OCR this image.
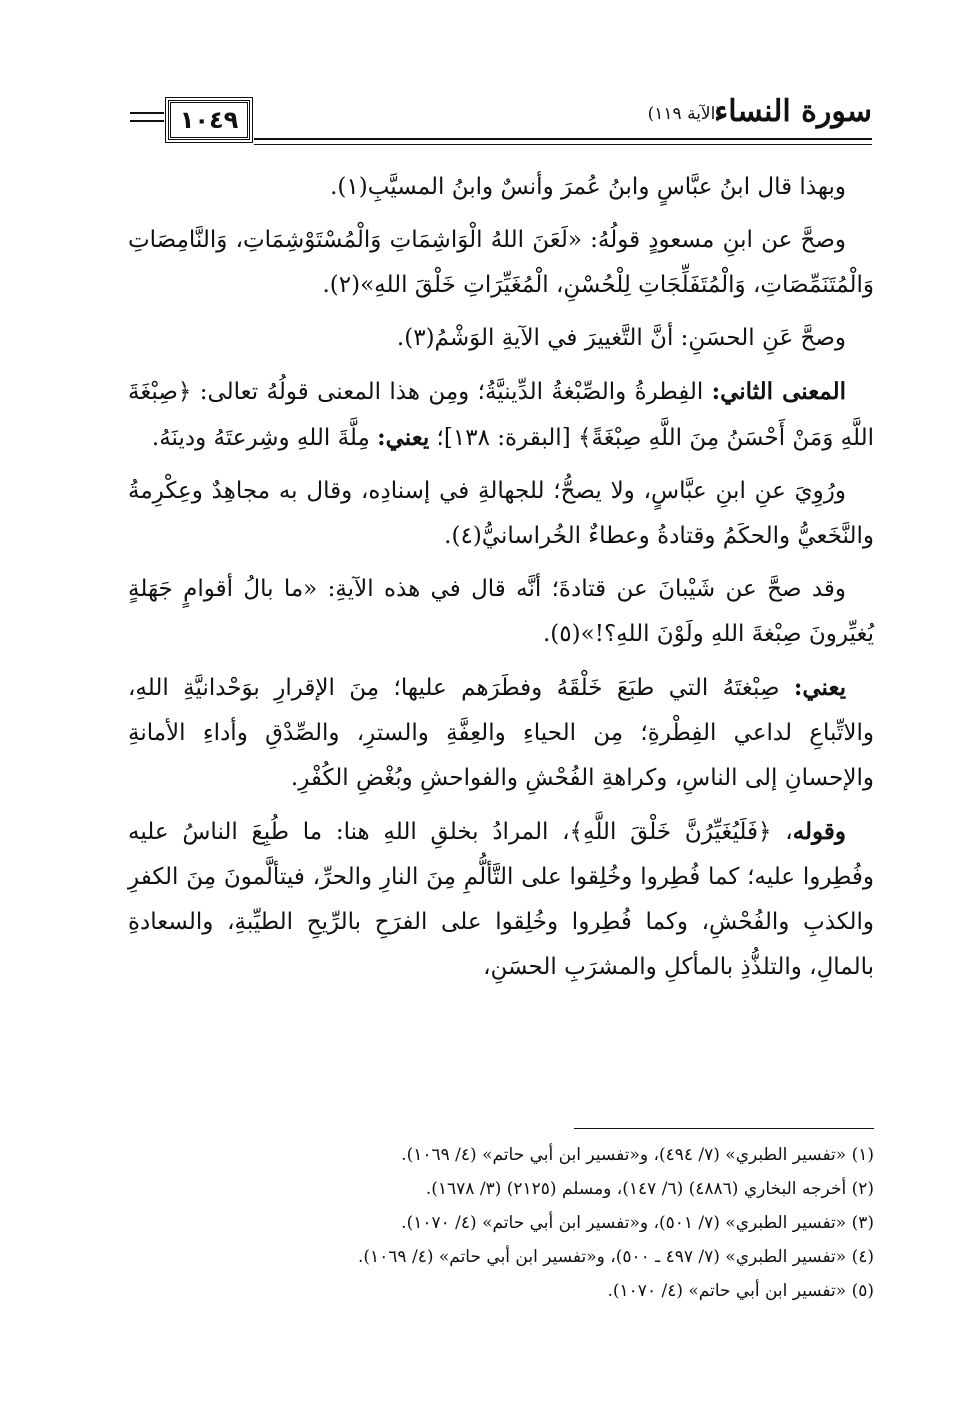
١٠٤٩	(الآية ١١٩)
سورة النساء

وبهذا قال ابنُ عبَّاسٍ وابنُ عُمرَ وأنسٌ وابنُ المسيَّبِ(١).

وصحَّ عن ابنِ مسعودٍ قولُهُ: «لَعَنَ اللهُ الْوَاشِمَاتِ وَالْمُسْتَوْشِمَاتِ، وَالنَّامِصَاتِ وَالْمُتَنَمِّصَاتِ، وَالْمُتَفَلِّجَاتِ لِلْحُسْنِ، الْمُغَيِّرَاتِ خَلْقَ اللهِ»(٢).

وصحَّ عَنِ الحسَنِ: أنَّ التَّغييرَ في الآيةِ الوَشْمُ(٣).

المعنى الثاني: الفِطرةُ والصِّبْغةُ الدِّينيَّةُ؛ ومِن هذا المعنى قولُهُ تعالى: ﴿صِبْغَةَ اللَّهِ وَمَنْ أَحْسَنُ مِنَ اللَّهِ صِبْغَةً﴾ [البقرة: ١٣٨]؛ يعني: مِلَّةَ اللهِ وشِرعتَهُ ودينَهُ.

ورُوِيَ عنِ ابنِ عبَّاسٍ، ولا يصحُّ؛ للجهالةِ في إسنادِه، وقال به مجاهِدٌ وعِكْرِمةُ والنَّخَعيُّ والحكَمُ وقتادةُ وعطاءٌ الخُراسانيُّ(٤).

وقد صحَّ عن شَيْبانَ عن قتادةَ؛ أنَّه قال في هذه الآيةِ: «ما بالُ أقوامٍ جَهَلةٍ يُغيِّرونَ صِبْغةَ اللهِ ولَوْنَ اللهِ؟!»(٥).

يعني: صِبْغتَهُ التي طبَعَ خَلْقَهُ وفطَرَهم عليها؛ مِنَ الإقرارِ بوَحْدانيَّةِ اللهِ، والاتِّباعِ لداعي الفِطْرةِ؛ مِن الحياءِ والعِفَّةِ والسترِ، والصِّدْقِ وأداءِ الأمانةِ والإحسانِ إلى الناسِ، وكراهةِ الفُحْشِ والفواحشِ وبُغْضِ الكُفْرِ.

وقوله، ﴿فَلَيُغَيِّرُنَّ خَلْقَ اللَّهِ﴾، المرادُ بخلقِ اللهِ هنا: ما طُبِعَ الناسُ عليه وفُطِروا عليه؛ كما فُطِروا وخُلِقوا على التَّألُّمِ مِنَ النارِ والحرِّ، فيتألَّمونَ مِنَ الكفرِ والكذبِ والفُحْشِ، وكما فُطِروا وخُلِقوا على الفرَحِ بالرِّيحِ الطيِّبةِ، والسعادةِ بالمالِ، والتلذُّذِ بالمأكلِ والمشرَبِ الحسَنِ،

(١) «تفسير الطبري» (٧/ ٤٩٤)، و«تفسير ابن أبي حاتم» (٤/ ١٠٦٩).
(٢) أخرجه البخاري (٤٨٨٦) (٦/ ١٤٧)، ومسلم (٢١٢٥) (٣/ ١٦٧٨).
(٣) «تفسير الطبري» (٧/ ٥٠١)، و«تفسير ابن أبي حاتم» (٤/ ١٠٧٠).
(٤) «تفسير الطبري» (٧/ ٤٩٧ ـ ٥٠٠)، و«تفسير ابن أبي حاتم» (٤/ ١٠٦٩).
(٥) «تفسير ابن أبي حاتم» (٤/ ١٠٧٠).
